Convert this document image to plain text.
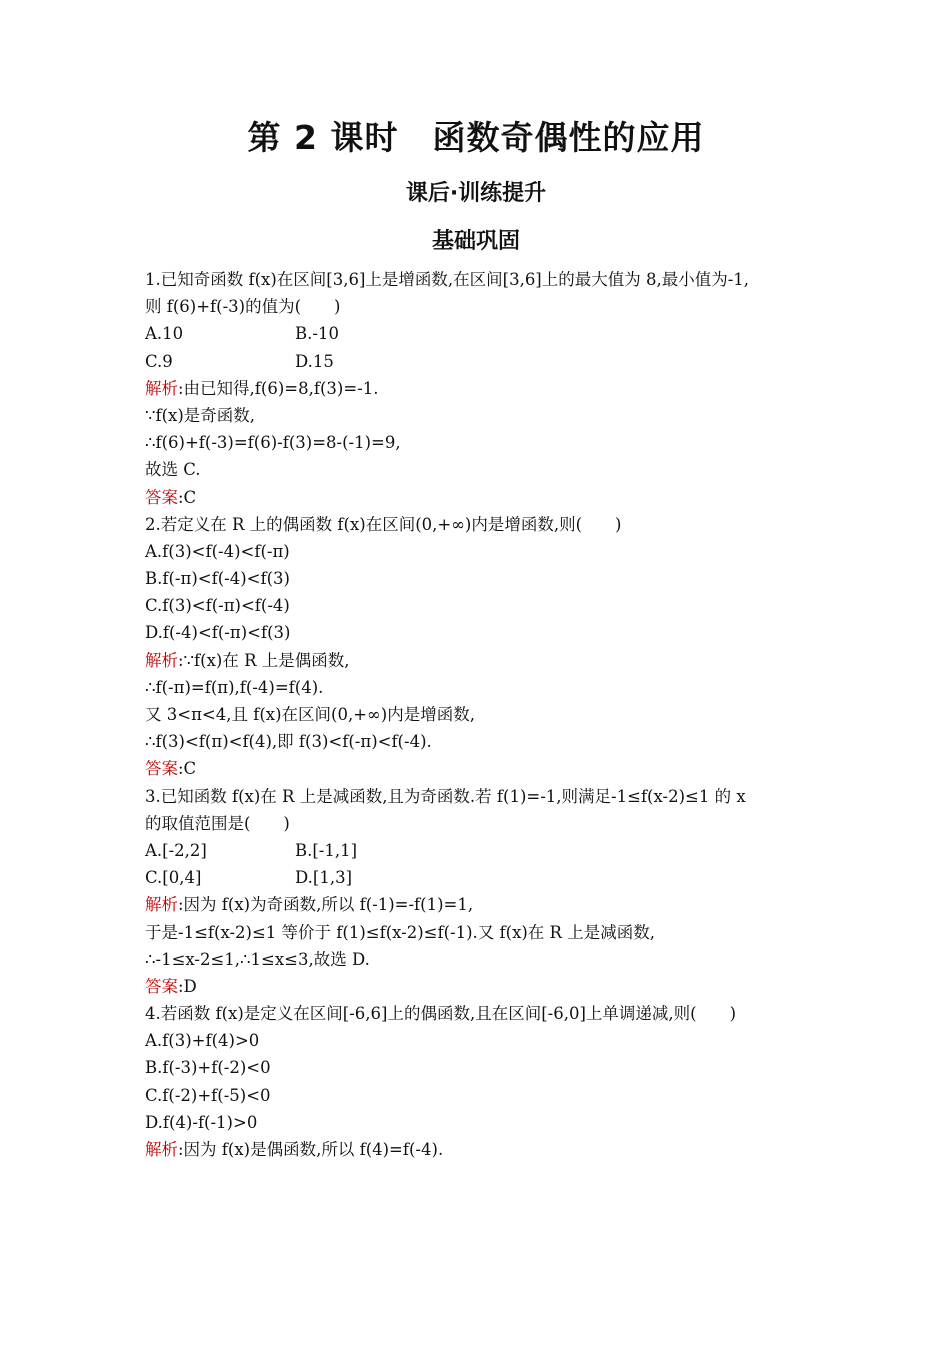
第 2 课时　函数奇偶性的应用
课后·训练提升
基础巩固
1.已知奇函数 f(x)在区间[3,6]上是增函数,在区间[3,6]上的最大值为 8,最小值为-1,
则 f(6)+f(-3)的值为(　　)
A.10	B.-10
C.9	D.15
解析:由已知得,f(6)=8,f(3)=-1.
∵f(x)是奇函数,
∴f(6)+f(-3)=f(6)-f(3)=8-(-1)=9,
故选 C.
答案:C
2.若定义在 R 上的偶函数 f(x)在区间(0,+∞)内是增函数,则(　　)
A.f(3)<f(-4)<f(-π)
B.f(-π)<f(-4)<f(3)
C.f(3)<f(-π)<f(-4)
D.f(-4)<f(-π)<f(3)
解析:∵f(x)在 R 上是偶函数,
∴f(-π)=f(π),f(-4)=f(4).
又 3<π<4,且 f(x)在区间(0,+∞)内是增函数,
∴f(3)<f(π)<f(4),即 f(3)<f(-π)<f(-4).
答案:C
3.已知函数 f(x)在 R 上是减函数,且为奇函数.若 f(1)=-1,则满足-1≤f(x-2)≤1 的 x
的取值范围是(　　)
A.[-2,2]	B.[-1,1]
C.[0,4]	D.[1,3]
解析:因为 f(x)为奇函数,所以 f(-1)=-f(1)=1,
于是-1≤f(x-2)≤1 等价于 f(1)≤f(x-2)≤f(-1).又 f(x)在 R 上是减函数,
∴-1≤x-2≤1,∴1≤x≤3,故选 D.
答案:D
4.若函数 f(x)是定义在区间[-6,6]上的偶函数,且在区间[-6,0]上单调递减,则(　　)
A.f(3)+f(4)>0
B.f(-3)+f(-2)<0
C.f(-2)+f(-5)<0
D.f(4)-f(-1)>0
解析:因为 f(x)是偶函数,所以 f(4)=f(-4).
